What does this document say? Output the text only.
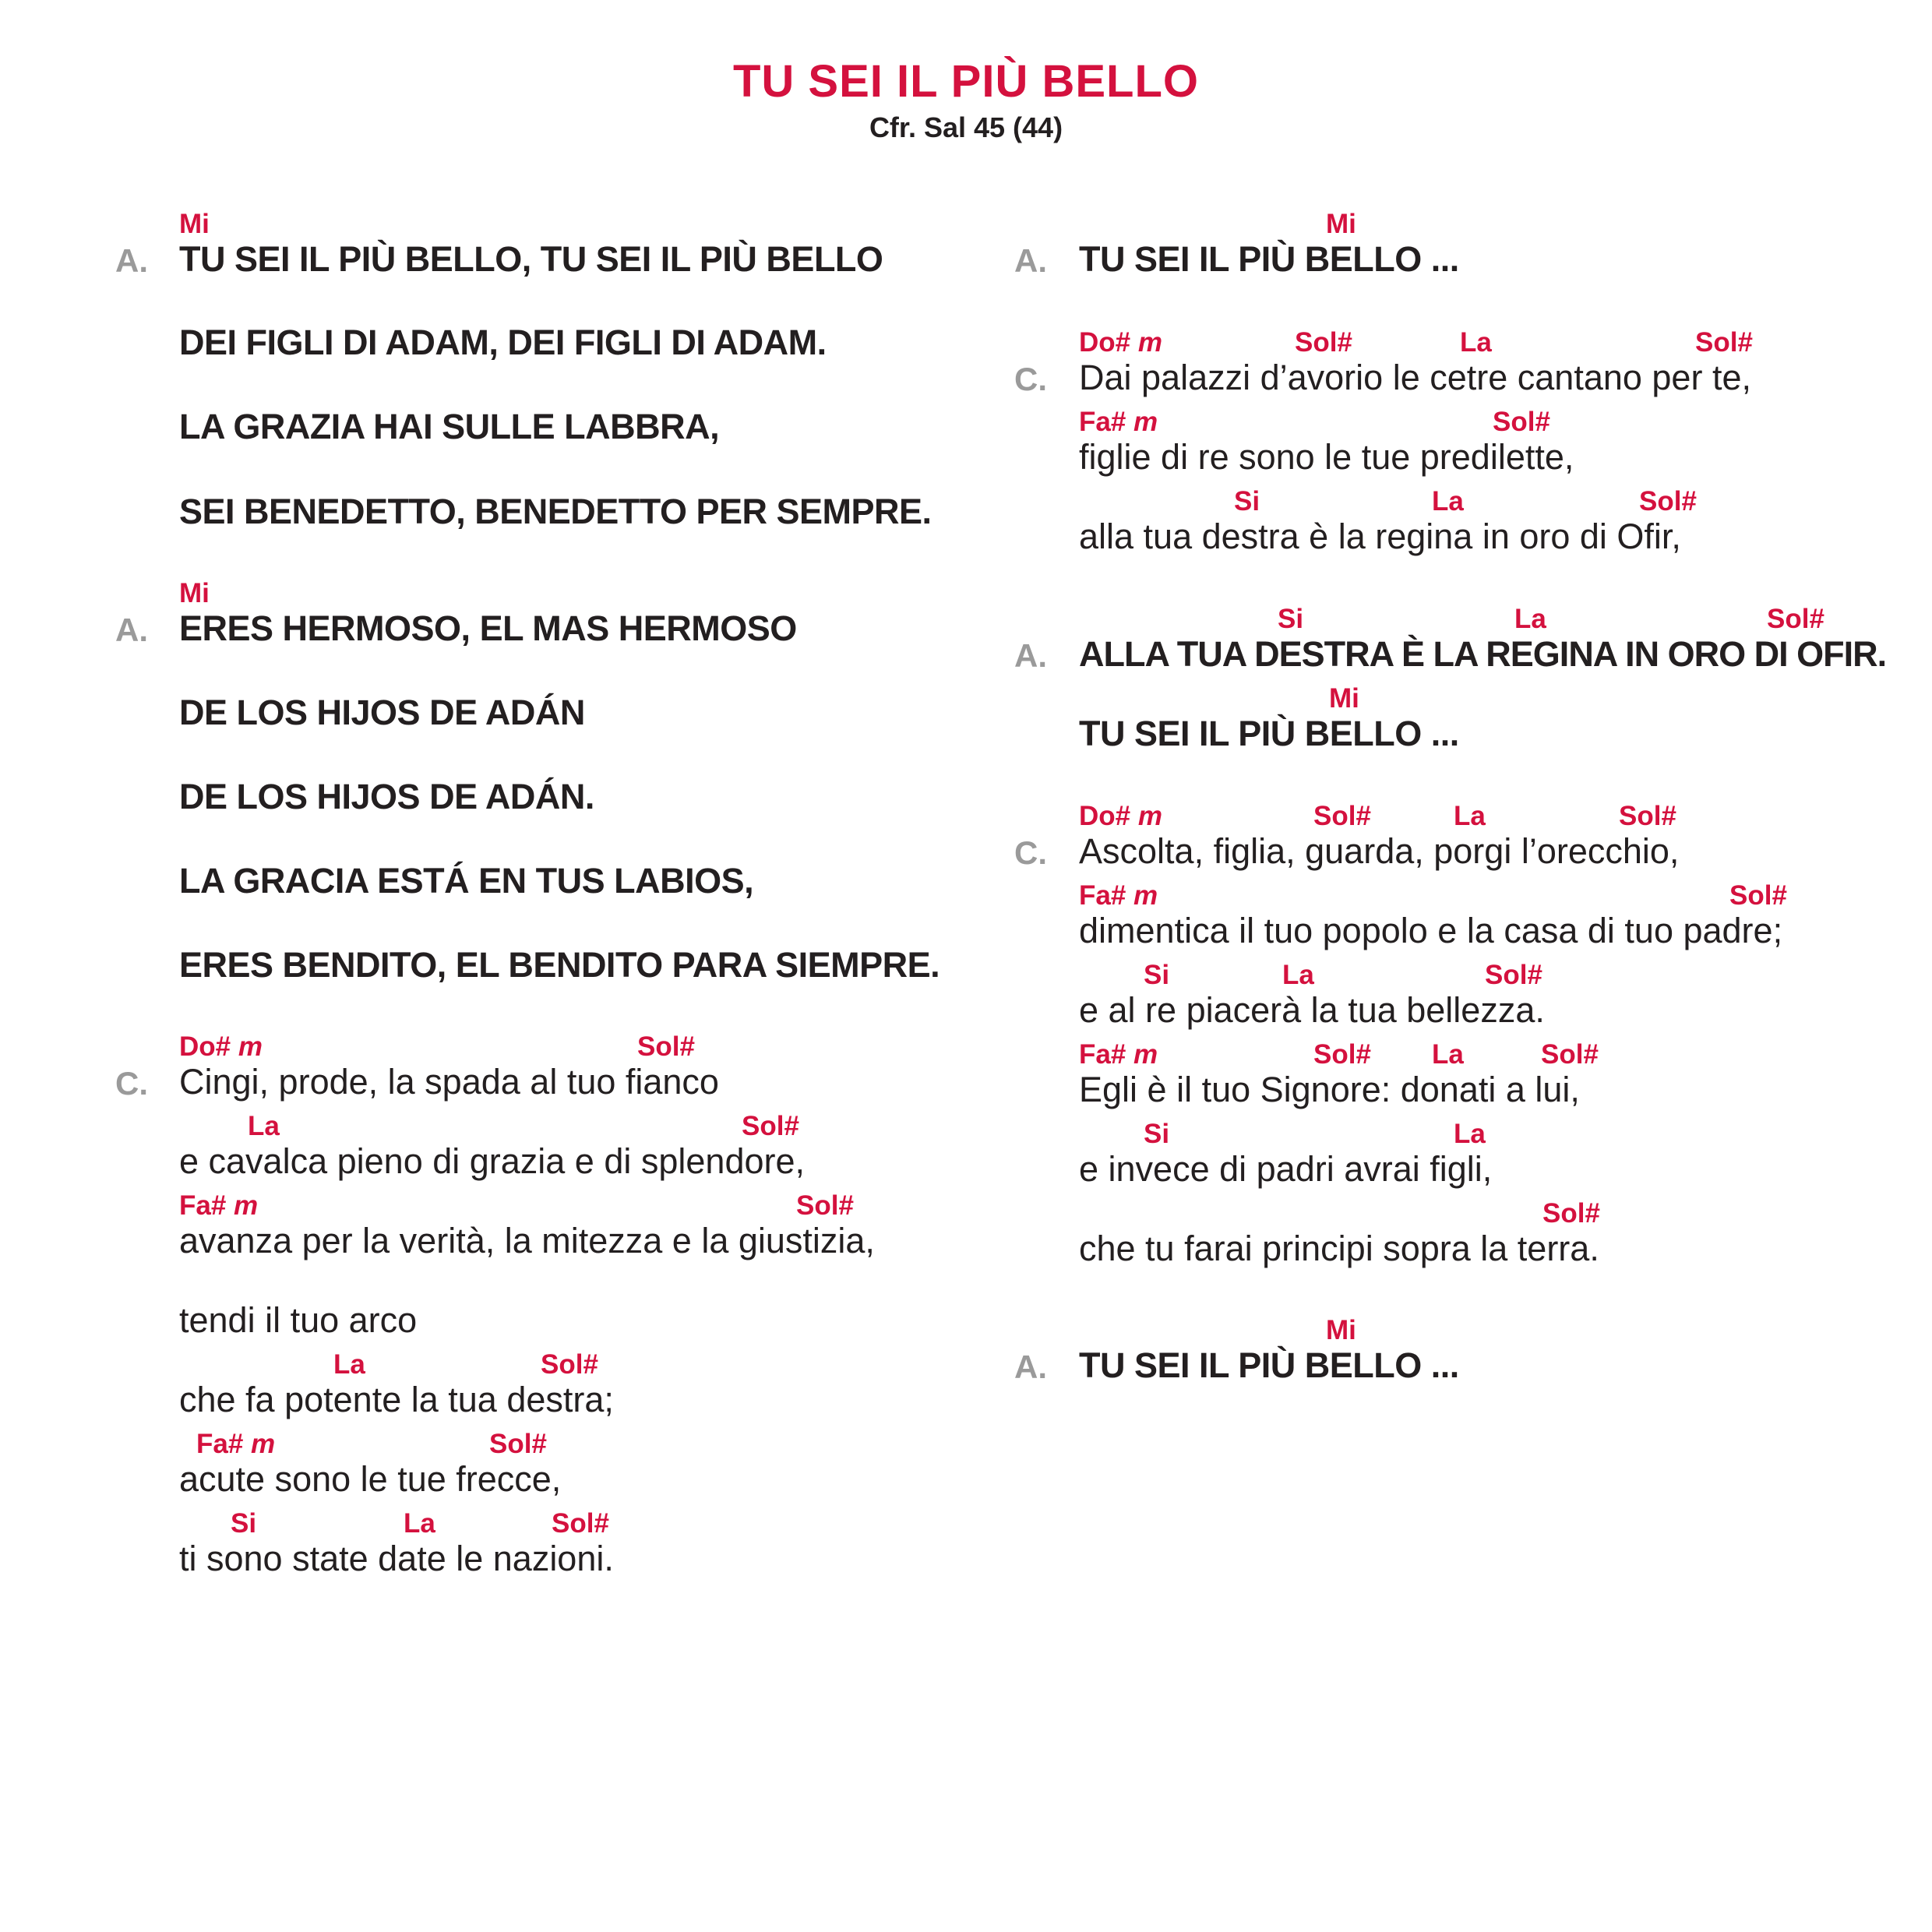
TU SEI IL PIÙ BELLO
Cfr. Sal 45 (44)
Mi
A. TU SEI IL PIÙ BELLO, TU SEI IL PIÙ BELLO
DEI FIGLI DI ADAM, DEI FIGLI DI ADAM.
LA GRAZIA HAI SULLE LABBRA,
SEI BENEDETTO, BENEDETTO PER SEMPRE.
Mi
A. ERES HERMOSO, EL MAS HERMOSO
DE LOS HIJOS DE ADÁN
DE LOS HIJOS DE ADÁN.
LA GRACIA ESTÁ EN TUS LABIOS,
ERES BENDITO, EL BENDITO PARA SIEMPRE.
Do# m	Sol#
C. Cingi, prode, la spada al tuo fianco
La	Sol#
e cavalca pieno di grazia e di splendore,
Fa# m	Sol#
avanza per la verità, la mitezza e la giustizia,
tendi il tuo arco
La	Sol#
che fa potente la tua destra;
Fa# m	Sol#
acute sono le tue frecce,
Si	La	Sol#
ti sono state date le nazioni.
Mi
A. TU SEI IL PIÙ BELLO ...
Do# m	Sol#	La	Sol#
C. Dai palazzi d’avorio le cetre cantano per te,
Fa# m	Sol#
figlie di re sono le tue predilette,
Si	La	Sol#
alla tua destra è la regina in oro di Ofir,
Si	La	Sol#
A. ALLA TUA DESTRA È LA REGINA IN ORO DI OFIR.
Mi
TU SEI IL PIÙ BELLO ...
Do# m	Sol#	La	Sol#
C. Ascolta, figlia, guarda, porgi l’orecchio,
Fa# m	Sol#
dimentica il tuo popolo e la casa di tuo padre;
Si	La	Sol#
e al re piacerà la tua bellezza.
Fa# m	Sol# La	Sol#
Egli è il tuo Signore: donati a lui,
Si	La
e invece di padri avrai figli,
Sol#
che tu farai principi sopra la terra.
Mi
A. TU SEI IL PIÙ BELLO ...
